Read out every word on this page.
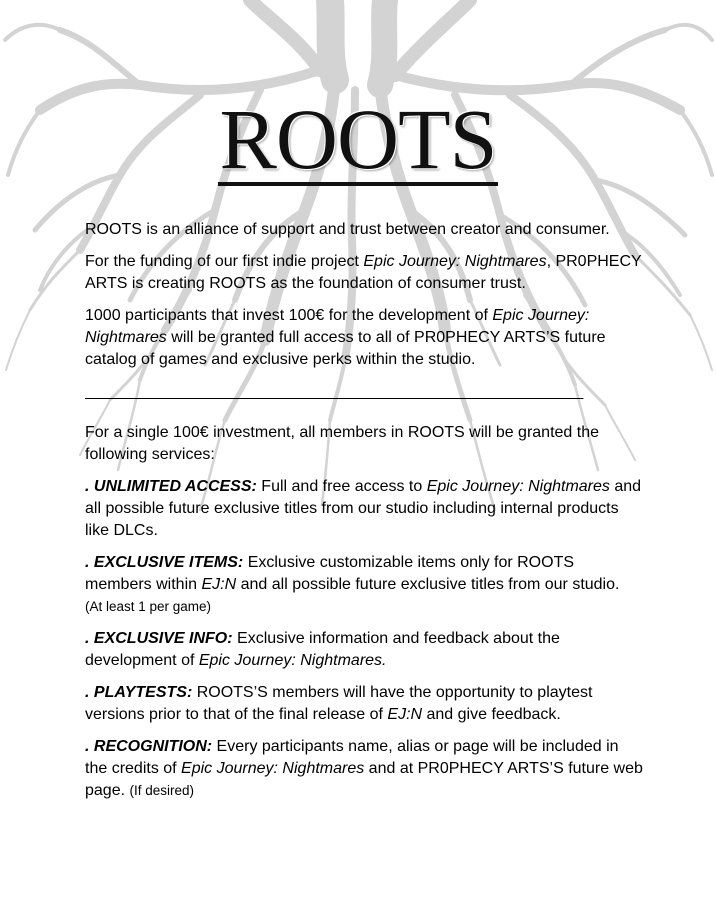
ROOTS

ROOTS is an alliance of support and trust between creator and consumer.

For the funding of our first indie project Epic Journey: Nightmares, PR0PHECY ARTS is creating ROOTS as the foundation of consumer trust.

1000 participants that invest 100€ for the development of Epic Journey: Nightmares will be granted full access to all of PR0PHECY ARTS’S future catalog of games and exclusive perks within the studio.

________________________________________________________

For a single 100€ investment, all members in ROOTS will be granted the following services:

. UNLIMITED ACCESS: Full and free access to Epic Journey: Nightmares and all possible future exclusive titles from our studio including internal products like DLCs.

. EXCLUSIVE ITEMS: Exclusive customizable items only for ROOTS members within EJ:N and all possible future exclusive titles from our studio.
(At least 1 per game)

. EXCLUSIVE INFO: Exclusive information and feedback about the development of Epic Journey: Nightmares.

. PLAYTESTS: ROOTS’S members will have the opportunity to playtest versions prior to that of the final release of EJ:N and give feedback.

. RECOGNITION: Every participants name, alias or page will be included in the credits of Epic Journey: Nightmares and at PR0PHECY ARTS’S future web page. (If desired)
